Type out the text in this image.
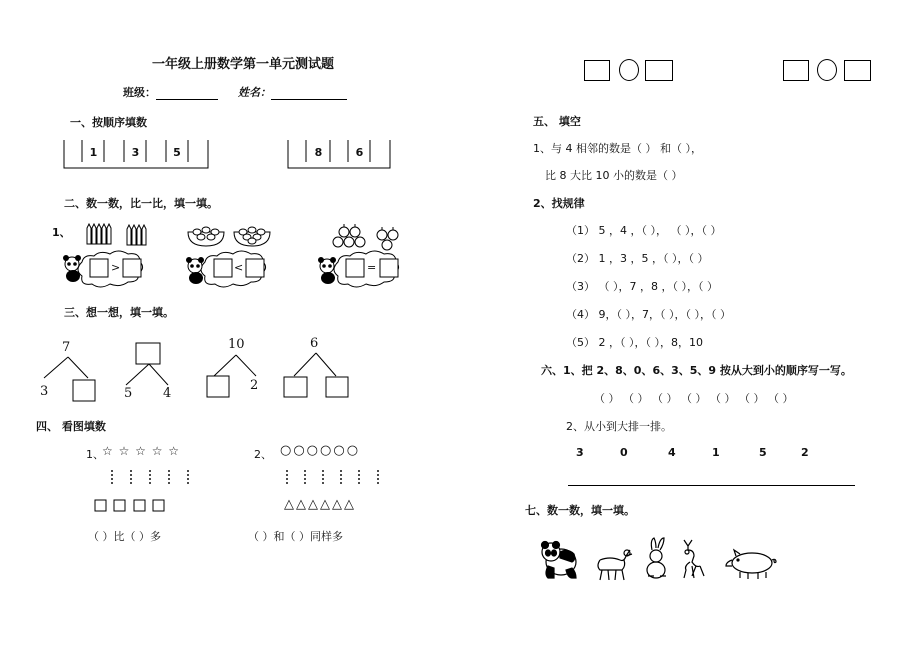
一年级上册数学第一单元测试题
班级：	姓名：
一、按顺序填数
1	3	5	8	6
二、数一数，比一比，填一填。
1、
>	<	=
三、想一想，填一填。
7
3	5 4
10
2
6
四、 看图填数
1、
☆ ☆ ☆ ☆ ☆	2、 ○○○○○○
△△△△△△
（ ）比（ ）多	（ ）和（ ）同样多
五、 填空
1、与 4 相邻的数是（ ） 和（ ），
比 8 大比 10 小的数是（ ）
2、找规律
（1） 5 ，4 ，（ ）， （ ），（ ）
（2） 1 ，3 ，5 ，（ ），（ ）
（3） （ ），7 ，8 ，（ ），（ ）
（4） 9，（ ），7，（ ），（ ），（ ）
（5） 2 ，（ ），（ ），8，10
六、1、把 2、8、0、6、3、5、9 按从大到小的顺序写一写。
（ ） （ ） （ ） （ ） （ ） （ ） （ ）
2、从小到大排一排。
3	0	4	1	5	2
七、数一数，填一填。
